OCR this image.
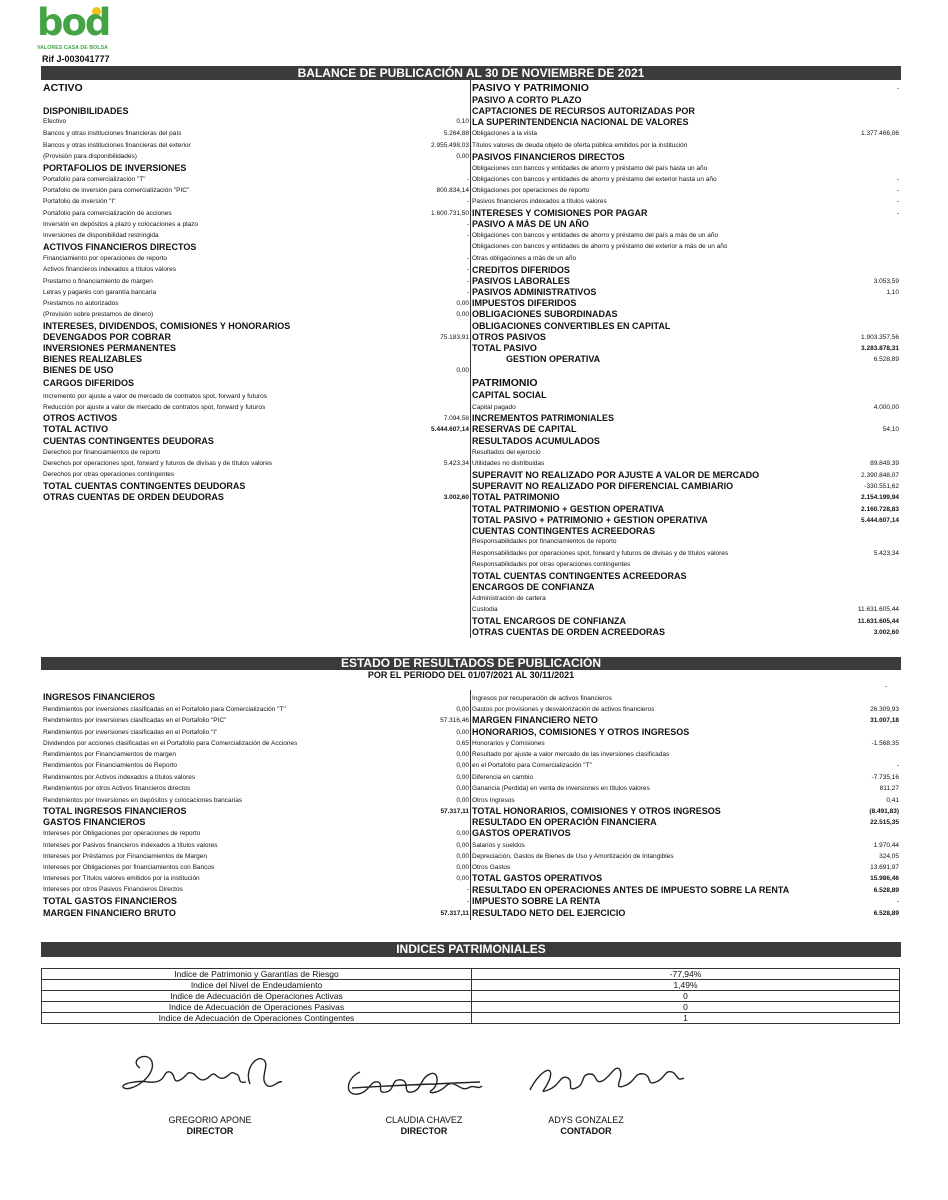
bod
VALORES CASA DE BOLSA
Rif J-003041777
BALANCE DE PUBLICACIÓN AL 30 DE NOVIEMBRE DE 2021
ACTIVO
DISPONIBILIDADES
Efectivo	0,10
Bancos y otras instituciones financieras del país	5.264,88
Bancos y otras instituciones financieras del exterior	2.955.498,03
(Provisión para disponibilidades)	0,00
PORTAFOLIOS DE INVERSIONES
Portafolio para comercialización "T"	-
Portafolio de inversión para comercialización "PIC"	800.834,14
Portafolio de inversión "I"	-
Portafolio para comercialización de acciones	1.600.731,50
Inversión en depósitos a plazo y colocaciones a plazo	-
Inversiones de disponibilidad restringida	-
ACTIVOS FINANCIEROS DIRECTOS
Financiamiento por operaciones de reporto	-
Activos financieros indexados a títulos valores	-
Prestamo o financiamiento de margen	-
Letras y pagarés con garantía bancaria	-
Prestamos no autorizados	0,00
(Provisión sobre prestamos de dinero)	0,00
INTERESES, DIVIDENDOS, COMISIONES Y HONORARIOS
DEVENGADOS POR COBRAR	75.183,91
INVERSIONES PERMANENTES
BIENES REALIZABLES
BIENES DE USO	0,00
CARGOS DIFERIDOS
Incremento por ajuste a valor de mercado de contratos spot, forward y futuros
Reducción por ajuste a valor de mercado de contratos spot, forward y futuros
OTROS ACTIVOS	7.094,58
TOTAL ACTIVO	5.444.607,14
CUENTAS CONTINGENTES DEUDORAS
Derechos por financiamientos de reporto
Derechos por operaciones spot, forward y futuros de divisas y de títulos valores	5.423,34
Derechos por otras operaciones contingentes
TOTAL CUENTAS CONTINGENTES DEUDORAS
OTRAS CUENTAS DE ORDEN DEUDORAS	3.002,60
PASIVO Y PATRIMONIO	-
PASIVO A CORTO PLAZO
CAPTACIONES DE RECURSOS AUTORIZADAS POR
LA SUPERINTENDENCIA NACIONAL DE VALORES
Obligaciones a la vista	1.377.466,06
Títulos valores de deuda objeto de oferta pública emitidos por la institución
PASIVOS FINANCIEROS DIRECTOS
Obligaciones con bancos y entidades de ahorro y préstamo del país hasta un año
Obligaciones con bancos y entidades de ahorro y préstamo del exterior hasta un año	-
Obligaciones por operaciones de reporto	-
Pasivos financieros indexados a títulos valores	-
INTERESES Y COMISIONES POR PAGAR	-
PASIVO A MÁS DE UN AÑO
Obligaciones con bancos y entidades de ahorro y préstamo del país a más de un año
Obligaciones con bancos y entidades de ahorro y préstamo del exterior a más de un año
Otras obligaciones a más de un año
CREDITOS DIFERIDOS
PASIVOS LABORALES	3.053,59
PASIVOS ADMINISTRATIVOS	1,10
IMPUESTOS DIFERIDOS
OBLIGACIONES SUBORDINADAS
OBLIGACIONES CONVERTIBLES EN CAPITAL
OTROS PASIVOS	1.903.357,56
TOTAL PASIVO	3.283.878,31
GESTION OPERATIVA	6.528,89
PATRIMONIO
CAPITAL SOCIAL
Capital pagado	4.000,00
INCREMENTOS PATRIMONIALES
RESERVAS DE CAPITAL	54,10
RESULTADOS ACUMULADOS
Resultados del ejercicio
Utilidades no distribuidas	89.849,39
SUPERAVIT NO REALIZADO POR AJUSTE A VALOR DE MERCADO	2.390.848,07
SUPERAVIT NO REALIZADO POR DIFERENCIAL CAMBIARIO	-330.551,62
TOTAL PATRIMONIO	2.154.199,94
TOTAL PATRIMONIO + GESTION OPERATIVA	2.160.728,83
TOTAL PASIVO + PATRIMONIO + GESTION OPERATIVA	5.444.607,14
CUENTAS CONTINGENTES ACREEDORAS
Responsabilidades por financiamientos de reporto
Responsabilidades por operaciones spot, forward y futuros de divisas y de títulos valores	5.423,34
Responsabilidades por otras operaciones contingentes
TOTAL CUENTAS CONTINGENTES ACREEDORAS
ENCARGOS DE CONFIANZA
Administración de cartera
Custodia	11.631.605,44
TOTAL ENCARGOS DE CONFIANZA	11.631.605,44
OTRAS CUENTAS DE ORDEN ACREEDORAS	3.002,60
ESTADO DE RESULTADOS DE PUBLICACIÓN
POR EL PERIODO DEL 01/07/2021 AL 30/11/2021
-
INGRESOS FINANCIEROS
Rendimientos por inversiones clasificadas en el Portafolio para Comercialización "T"	0,00
Rendimientos por inversiones clasificadas en el Portafolio "PIC"	57.316,46
Rendimientos por inversiones clasificadas en el Portafolio "I"	0,00
Dividendos por acciones clasificadas en el Portafolio para Comercialización de Acciones	0,65
Rendimientos por Financiamientos de margen	0,00
Rendimientos por Financiamientos de Reporto	0,00
Rendimientos por Activos indexados a títulos valores	0,00
Rendimientos por otros Activos financieros directos	0,00
Rendimientos por Inversiones en depósitos y colocaciones bancarias	0,00
TOTAL INGRESOS FINANCIEROS	57.317,11
GASTOS FINANCIEROS
Intereses por Obligaciones por operaciones de reporto	0,00
Intereses por Pasivos financieros indexados a títulos valores	0,00
Intereses por Préstamos por Financiamientos de Margen	0,00
Intereses por Obligaciones por financiamientos con Bancos	0,00
Intereses por Títulos valores emitidos por la institución	0,00
Intereses por otros Pasivos Financieros Directos	-
TOTAL GASTOS FINANCIEROS	-
MARGEN FINANCIERO BRUTO	57.317,11
Ingresos por recuperación de activos financieros
Gastos por provisiones y desvalorización de activos financieros	26.309,93
MARGEN FINANCIERO NETO	31.007,18
HONORARIOS, COMISIONES Y OTROS INGRESOS
Honorarios y Comisiones	-1.568,35
Resultado por ajuste a valor mercado de las inversiones clasificadas
en el Portafolio para Comercialización "T"	-
Diferencia en cambio	-7.735,16
Ganancia (Perdida) en venta de inversiones en títulos valores	811,27
Otros Ingresos	0,41
TOTAL HONORARIOS, COMISIONES Y OTROS INGRESOS	(8.491,83)
RESULTADO EN OPERACIÓN FINANCIERA	22.515,35
GASTOS OPERATIVOS
Salarios y sueldos	1.970,44
Depreciación, Gastos de Bienes de Uso y Amortización de Intangibles	324,05
Otros Gastos	13.691,97
TOTAL GASTOS OPERATIVOS	15.986,46
RESULTADO EN OPERACIONES ANTES DE IMPUESTO SOBRE LA RENTA	6.528,89
IMPUESTO SOBRE LA RENTA	-
RESULTADO NETO DEL EJERCICIO	6.528,89
INDICES PATRIMONIALES
Indice de Patrimonio y Garantías de Riesgo	-77,94%
Indice del Nivel de Endeudamiento	1,49%
Indice de Adecuación de Operaciones Activas	0
Indice de Adecuación de Operaciones Pasivas	0
Indice de Adecuación de Operaciones Contingentes	1
GREGORIO APONE
DIRECTOR
CLAUDIA CHAVEZ
DIRECTOR
ADYS GONZALEZ
CONTADOR
